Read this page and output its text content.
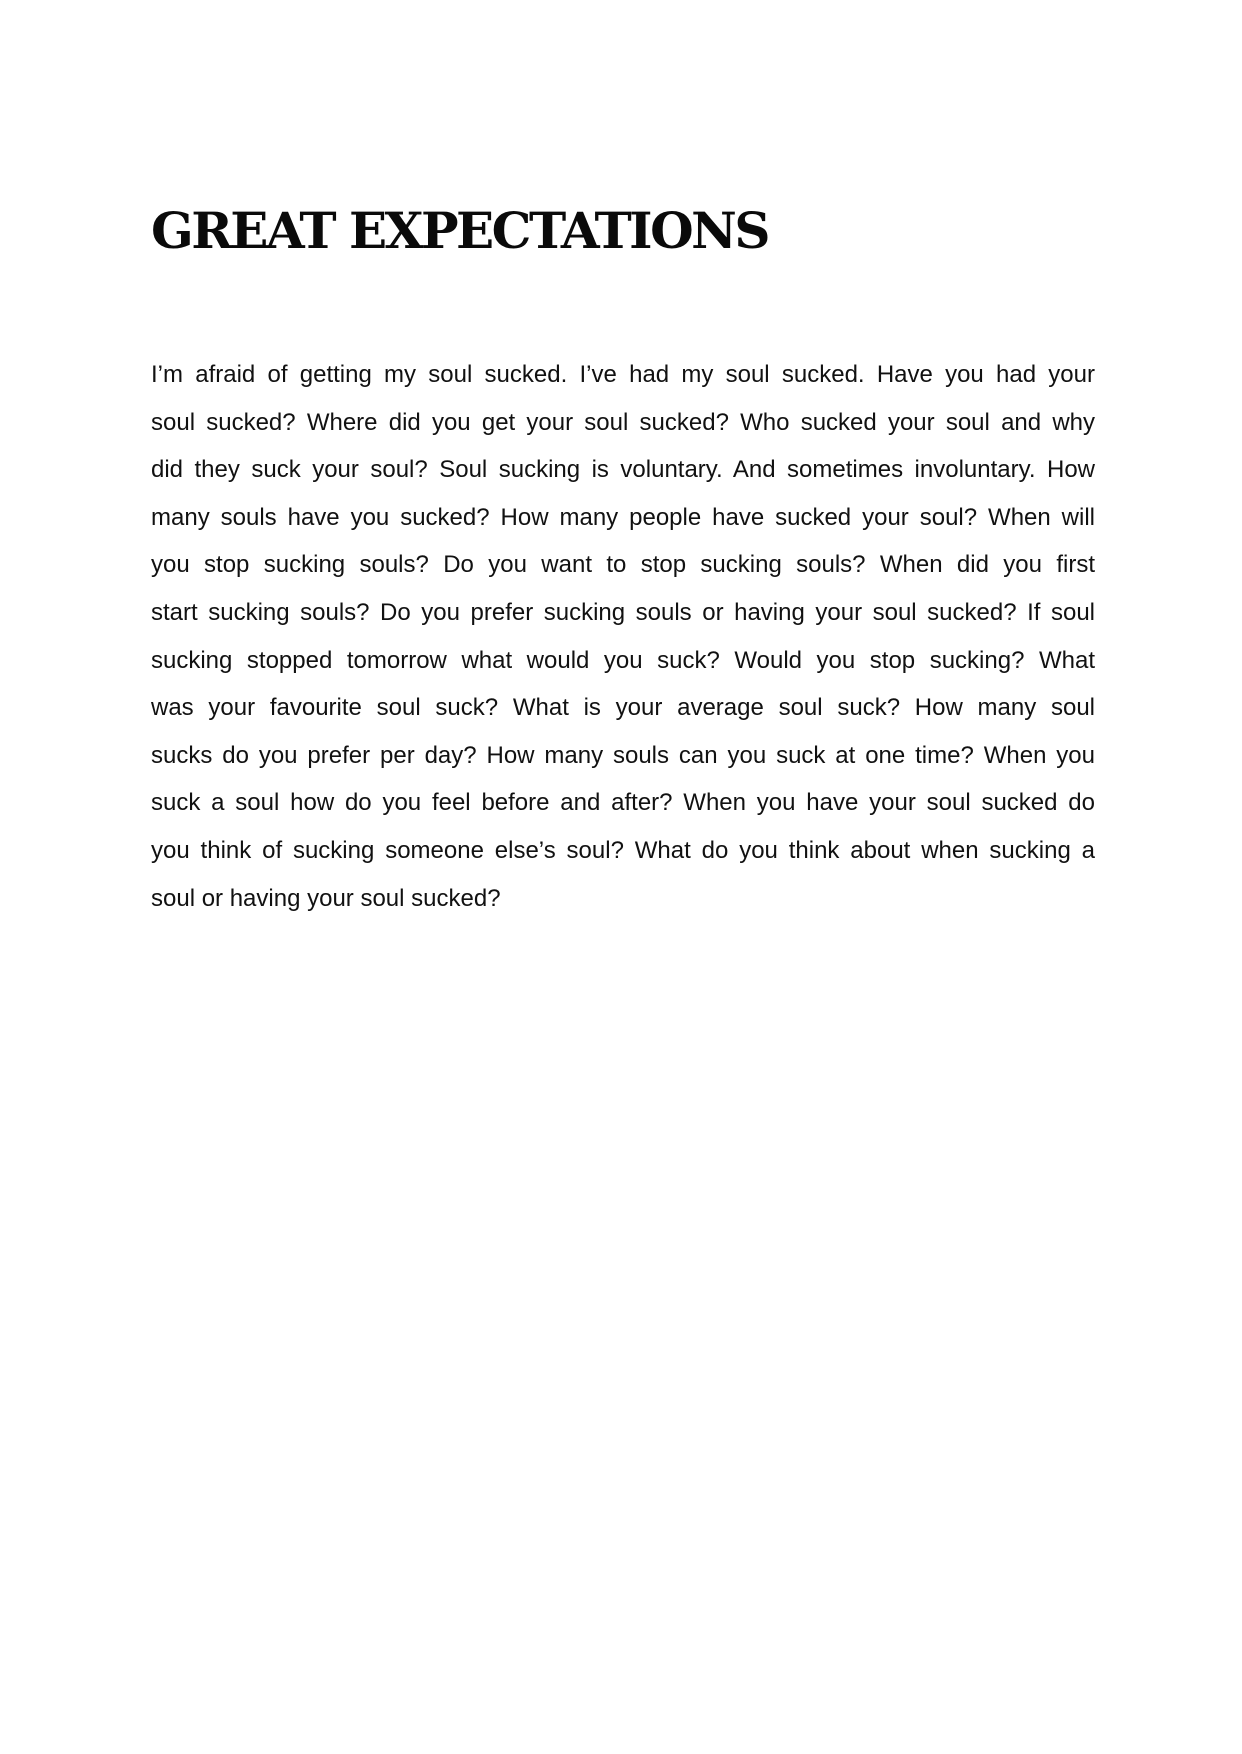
GREAT EXPECTATIONS
I’m afraid of getting my soul sucked. I’ve had my soul sucked. Have you had your
soul sucked? Where did you get your soul sucked? Who sucked your soul and why
did they suck your soul? Soul sucking is voluntary. And sometimes involuntary. How
many souls have you sucked? How many people have sucked your soul? When will
you stop sucking souls? Do you want to stop sucking souls? When did you first
start sucking souls? Do you prefer sucking souls or having your soul sucked? If soul
sucking stopped tomorrow what would you suck? Would you stop sucking? What
was your favourite soul suck? What is your average soul suck? How many soul
sucks do you prefer per day? How many souls can you suck at one time? When you
suck a soul how do you feel before and after? When you have your soul sucked do
you think of sucking someone else’s soul? What do you think about when sucking a
soul or having your soul sucked?
